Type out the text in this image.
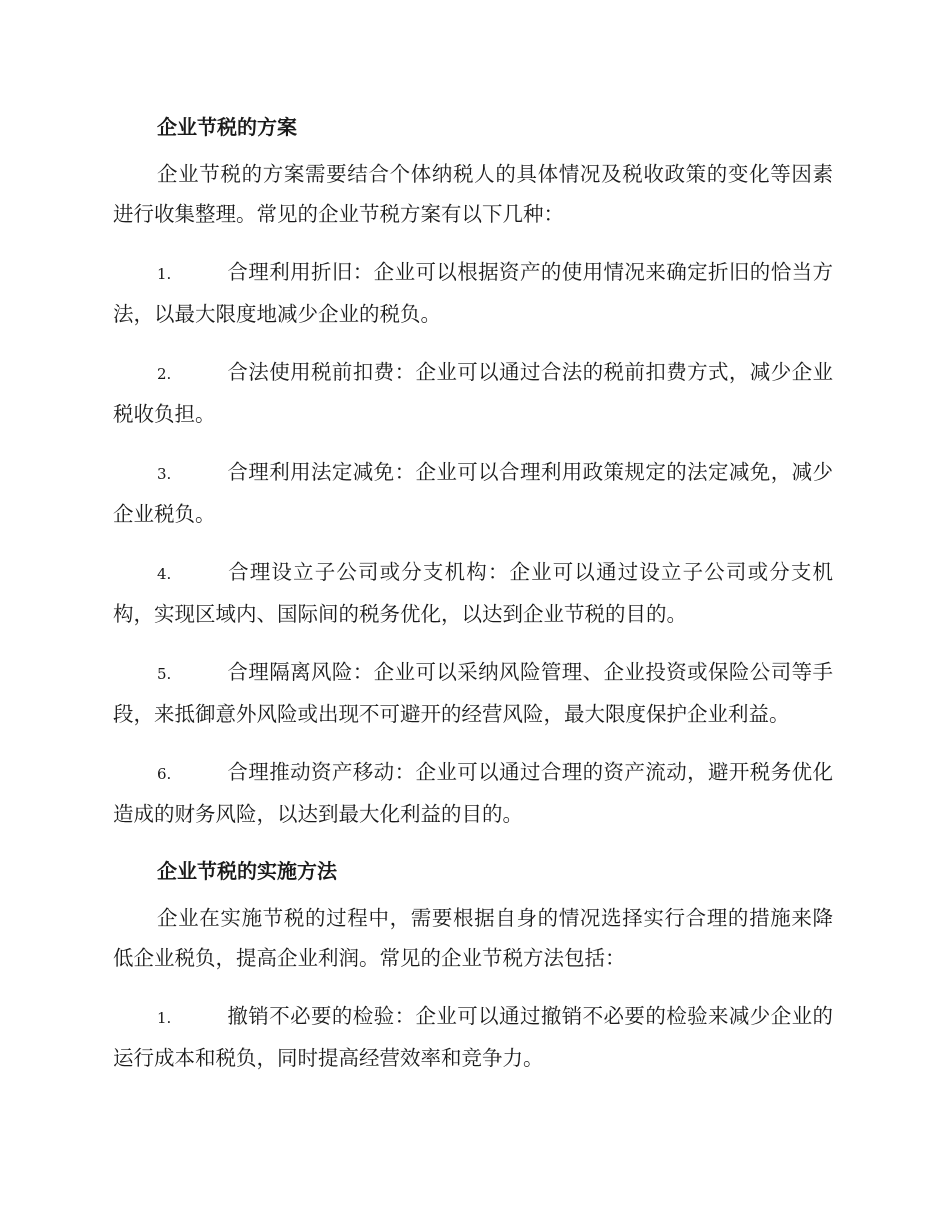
企业节税的方案

企业节税的方案需要结合个体纳税人的具体情况及税收政策的变化等因素进行收集整理。常见的企业节税方案有以下几种：

1.	合理利用折旧：企业可以根据资产的使用情况来确定折旧的恰当方法，以最大限度地减少企业的税负。

2.	合法使用税前扣费：企业可以通过合法的税前扣费方式，减少企业税收负担。

3.	合理利用法定减免：企业可以合理利用政策规定的法定减免，减少企业税负。

4.	合理设立子公司或分支机构：企业可以通过设立子公司或分支机构，实现区域内、国际间的税务优化，以达到企业节税的目的。

5.	合理隔离风险：企业可以采纳风险管理、企业投资或保险公司等手段，来抵御意外风险或出现不可避开的经营风险，最大限度保护企业利益。

6.	合理推动资产移动：企业可以通过合理的资产流动，避开税务优化造成的财务风险，以达到最大化利益的目的。

企业节税的实施方法

企业在实施节税的过程中，需要根据自身的情况选择实行合理的措施来降低企业税负，提高企业利润。常见的企业节税方法包括：

1.	撤销不必要的检验：企业可以通过撤销不必要的检验来减少企业的运行成本和税负，同时提高经营效率和竞争力。
